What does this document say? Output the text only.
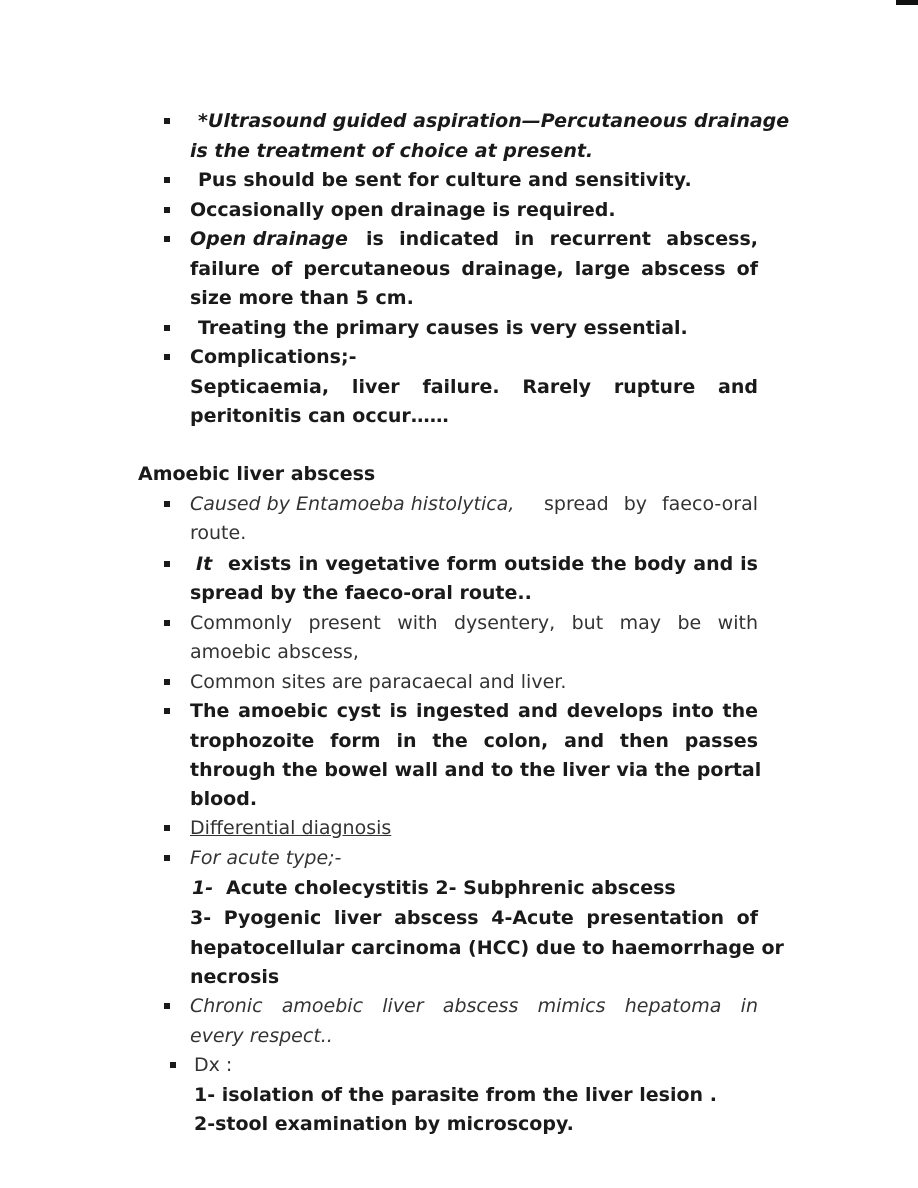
*Ultrasound guided aspiration—Percutaneous drainage
is the treatment of choice at present.
Pus should be sent for culture and sensitivity.
Occasionally open drainage is required.
Open drainage is indicated in recurrent abscess,
failure of percutaneous drainage, large abscess of
size more than 5 cm.
Treating the primary causes is very essential.
Complications;-
Septicaemia, liver failure. Rarely rupture and
peritonitis can occur……
Amoebic liver abscess
Caused by Entamoeba histolytica, spread by faeco-oral
route.
It exists in vegetative form outside the body and is
spread by the faeco-oral route..
Commonly present with dysentery, but may be with
amoebic abscess,
Common sites are paracaecal and liver.
The amoebic cyst is ingested and develops into the
trophozoite form in the colon, and then passes
through the bowel wall and to the liver via the portal
blood.
Differential diagnosis
For acute type;-
1- Acute cholecystitis 2- Subphrenic abscess
3- Pyogenic liver abscess 4-Acute presentation of
hepatocellular carcinoma (HCC) due to haemorrhage or
necrosis
Chronic amoebic liver abscess mimics hepatoma in
every respect..
Dx :
1- isolation of the parasite from the liver lesion .
2-stool examination by microscopy.
